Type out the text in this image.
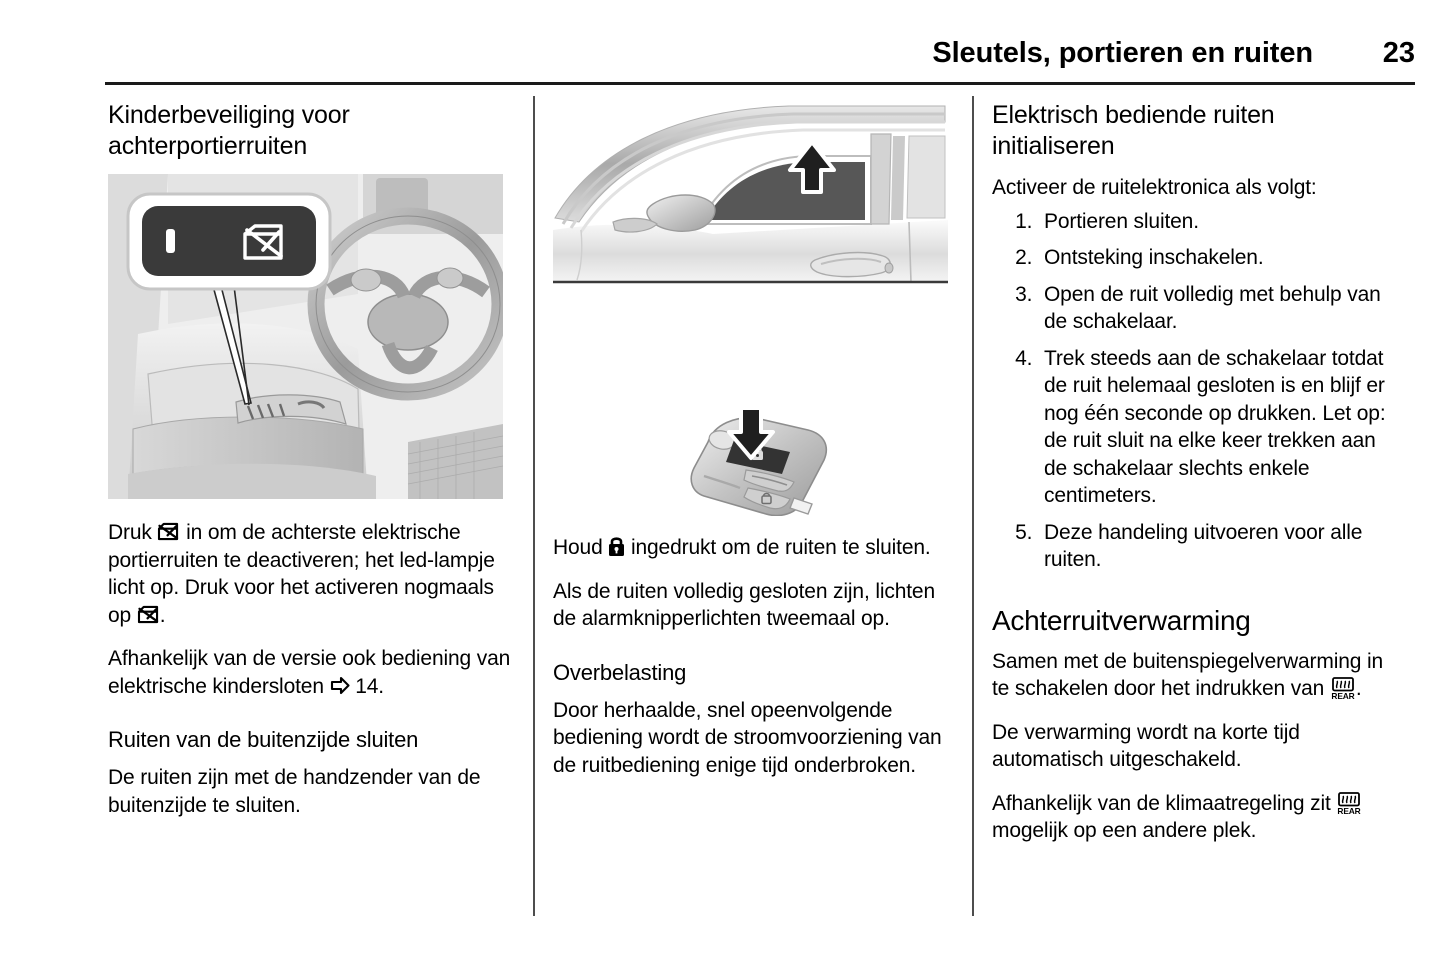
Sleutels, portieren en ruiten	23
Kinderbeveiliging voor achterportierruiten

Druk  in om de achterste elektrische portierruiten te deactiveren; het led-lampje licht op. Druk voor het activeren nogmaals op .

Afhankelijk van de versie ook bediening van elektrische kindersloten  14.

Ruiten van de buitenzijde sluiten

De ruiten zijn met de handzender van de buitenzijde te sluiten.

Houd  ingedrukt om de ruiten te sluiten.

Als de ruiten volledig gesloten zijn, lichten de alarmknipperlichten tweemaal op.

Overbelasting

Door herhaalde, snel opeenvolgende bediening wordt de stroomvoorziening van de ruitbediening enige tijd onderbroken.

Elektrisch bediende ruiten initialiseren

Activeer de ruitelektronica als volgt:

1. Portieren sluiten.
2. Ontsteking inschakelen.
3. Open de ruit volledig met behulp van de schakelaar.
4. Trek steeds aan de schakelaar totdat de ruit helemaal gesloten is en blijf er nog één seconde op drukken. Let op: de ruit sluit na elke keer trekken aan de schakelaar slechts enkele centimeters.
5. Deze handeling uitvoeren voor alle ruiten.
Achterruitverwarming

Samen met de buitenspiegelverwarming in te schakelen door het indrukken van REAR .

De verwarming wordt na korte tijd automatisch uitgeschakeld.

Afhankelijk van de klimaatregeling zit REAR
mogelijk op een andere plek.
